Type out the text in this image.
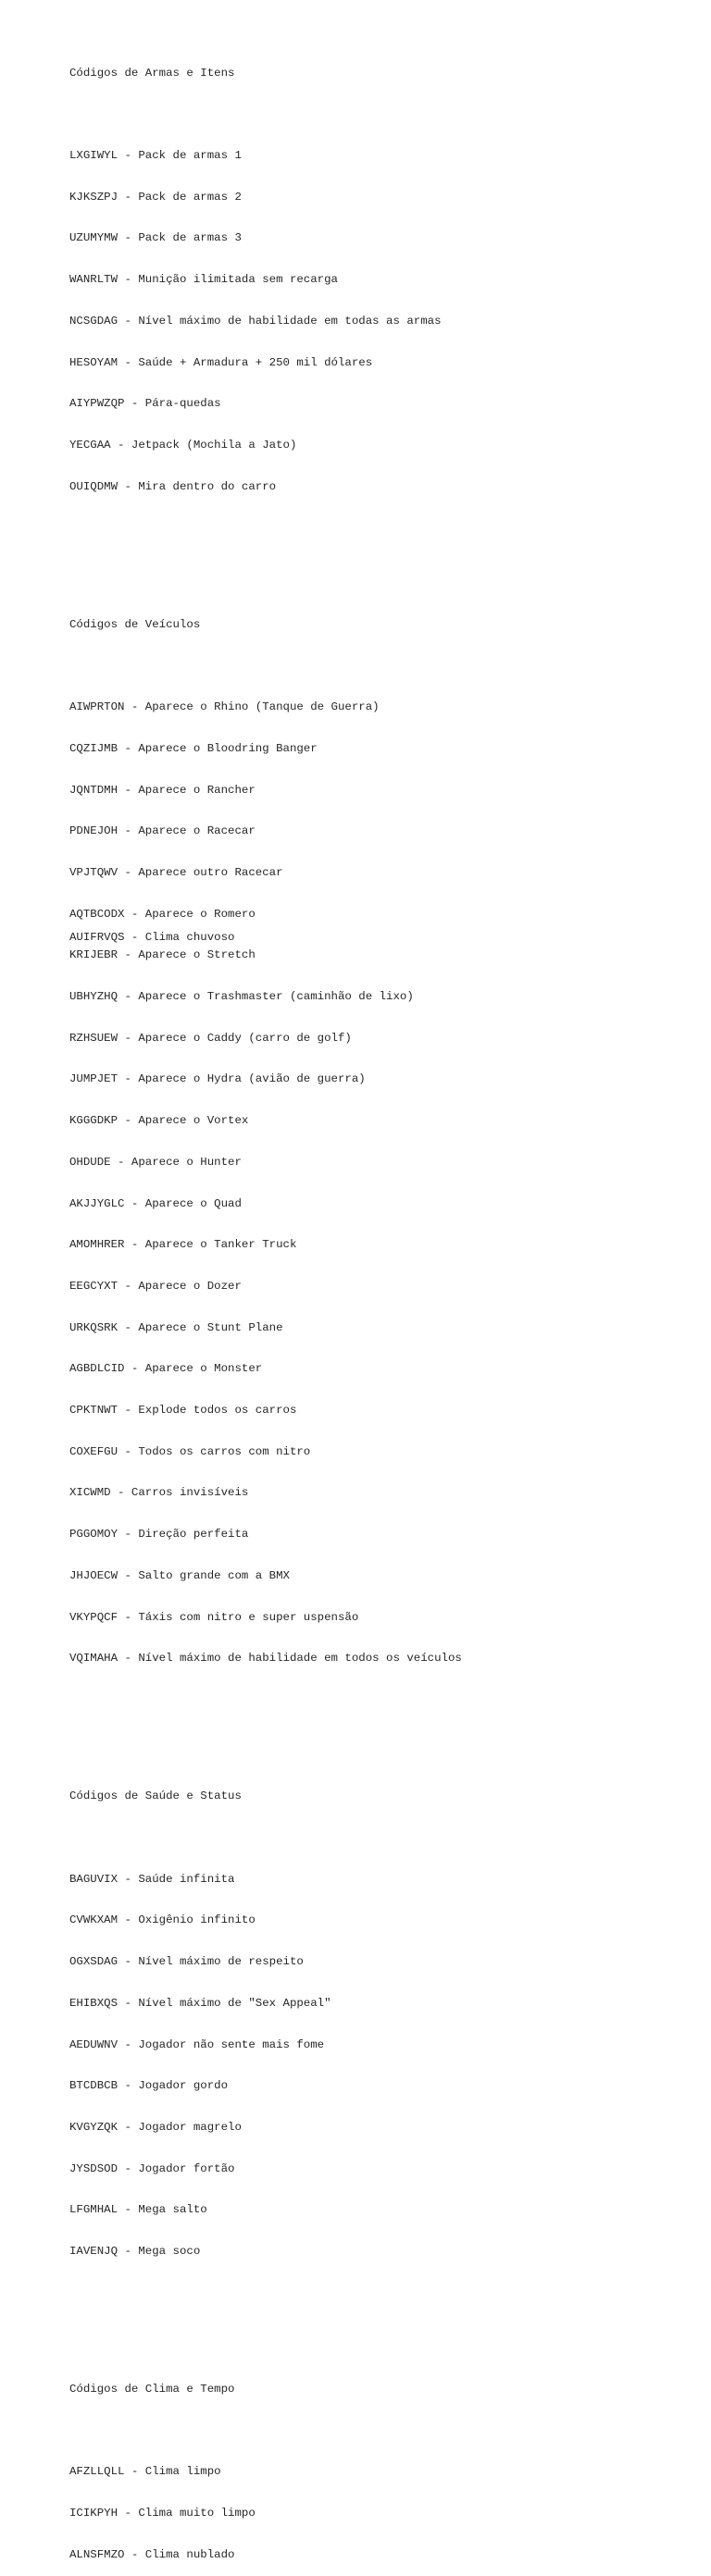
Códigos de Armas e Itens

LXGIWYL - Pack de armas 1

KJKSZPJ - Pack de armas 2

UZUMYMW - Pack de armas 3

WANRLTW - Munição ilimitada sem recarga

NCSGDAG - Nível máximo de habilidade em todas as armas

HESOYAM - Saúde + Armadura + 250 mil dólares

AIYPWZQP - Pára-quedas

YECGAA - Jetpack (Mochila a Jato)

OUIQDMW - Mira dentro do carro

Códigos de Veículos

AIWPRTON - Aparece o Rhino (Tanque de Guerra)

CQZIJMB - Aparece o Bloodring Banger

JQNTDMH - Aparece o Rancher

PDNEJOH - Aparece o Racecar

VPJTQWV - Aparece outro Racecar

AQTBCODX - Aparece o Romero

KRIJEBR - Aparece o Stretch

UBHYZHQ - Aparece o Trashmaster (caminhão de lixo)

RZHSUEW - Aparece o Caddy (carro de golf)

JUMPJET - Aparece o Hydra (avião de guerra)

KGGGDKP - Aparece o Vortex

OHDUDE - Aparece o Hunter

AKJJYGLC - Aparece o Quad

AMOMHRER - Aparece o Tanker Truck

EEGCYXT - Aparece o Dozer

URKQSRK - Aparece o Stunt Plane

AGBDLCID - Aparece o Monster

CPKTNWT - Explode todos os carros

COXEFGU - Todos os carros com nitro

XICWMD - Carros invisíveis

PGGOMOY - Direção perfeita

JHJOECW - Salto grande com a BMX

VKYPQCF - Táxis com nitro e super uspensão

VQIMAHA - Nível máximo de habilidade em todos os veículos

Códigos de Saúde e Status

BAGUVIX - Saúde infinita

CVWKXAM - Oxigênio infinito

OGXSDAG - Nível máximo de respeito

EHIBXQS - Nível máximo de "Sex Appeal"

AEDUWNV - Jogador não sente mais fome

BTCDBCB - Jogador gordo

KVGYZQK - Jogador magrelo

JYSDSOD - Jogador fortão

LFGMHAL - Mega salto

IAVENJQ - Mega soco

Códigos de Clima e Tempo

AFZLLQLL - Clima limpo

ICIKPYH - Clima muito limpo

ALNSFMZO - Clima nublado

AUIFRVQS - Clima chuvoso
